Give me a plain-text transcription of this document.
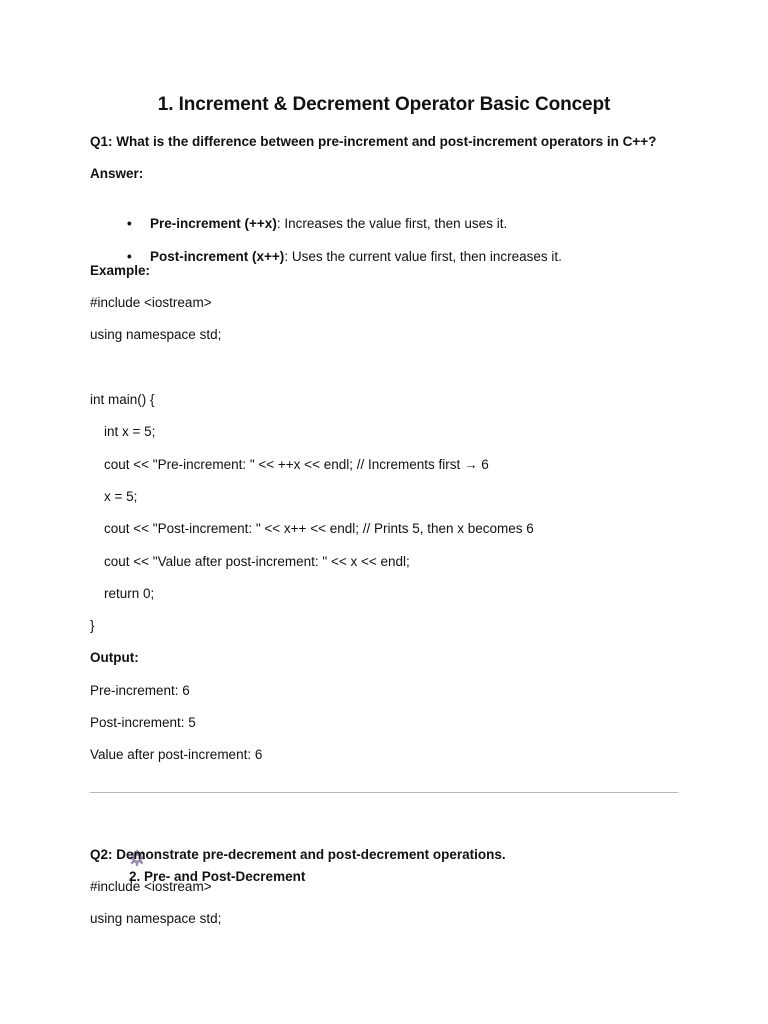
1. Increment & Decrement Operator Basic Concept
Q1: What is the difference between pre-increment and post-increment operators in C++?
Answer:

• Pre-increment (++x): Increases the value first, then uses it.

• Post-increment (x++): Uses the current value first, then increases it.

Example:
#include <iostream>
using namespace std;
int main() {
int x = 5;
cout << "Pre-increment: " << ++x << endl; // Increments first → 6
x = 5;
cout << "Post-increment: " << x++ << endl; // Prints 5, then x becomes 6
cout << "Value after post-increment: " << x << endl;
return 0;
}
Output:
Pre-increment: 6
Post-increment: 5
Value after post-increment: 6

2. Pre- and Post-Decrement

Q2: Demonstrate pre-decrement and post-decrement operations.
#include <iostream>
using namespace std;
